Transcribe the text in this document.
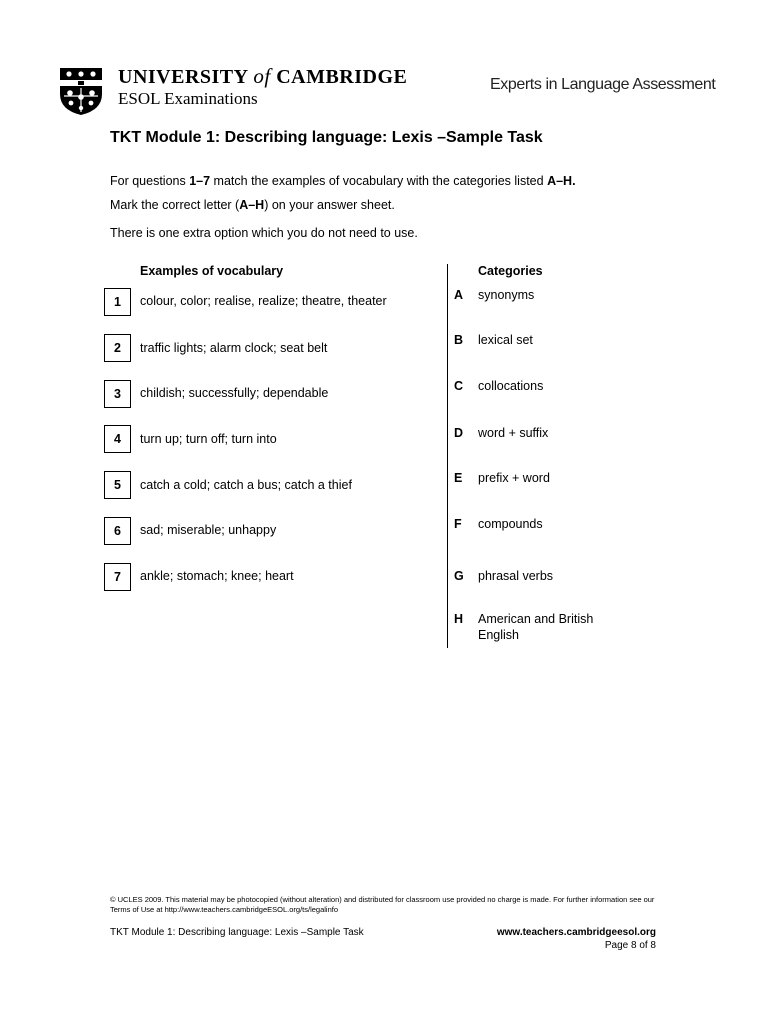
UNIVERSITY of CAMBRIDGE
ESOL Examinations
Experts in Language Assessment
TKT Module 1: Describing language: Lexis –Sample Task
For questions 1–7 match the examples of vocabulary with the categories listed A–H.
Mark the correct letter (A–H) on your answer sheet.
There is one extra option which you do not need to use.
Examples of vocabulary	Categories
1	colour, color; realise, realize; theatre, theater
2	traffic lights; alarm clock; seat belt
3	childish; successfully; dependable
4	turn up; turn off; turn into
5	catch a cold; catch a bus; catch a thief
6	sad; miserable; unhappy
7	ankle; stomach; knee; heart
A synonyms
B lexical set
C collocations
D word + suffix
E prefix + word
F compounds
G phrasal verbs
H American and British English
© UCLES 2009. This material may be photocopied (without alteration) and distributed for classroom use provided no charge is made. For further information see our Terms of Use at http://www.teachers.cambridgeESOL.org/ts/legalinfo
TKT Module 1: Describing language: Lexis –Sample Task	www.teachers.cambridgeesol.org
Page 8 of 8
